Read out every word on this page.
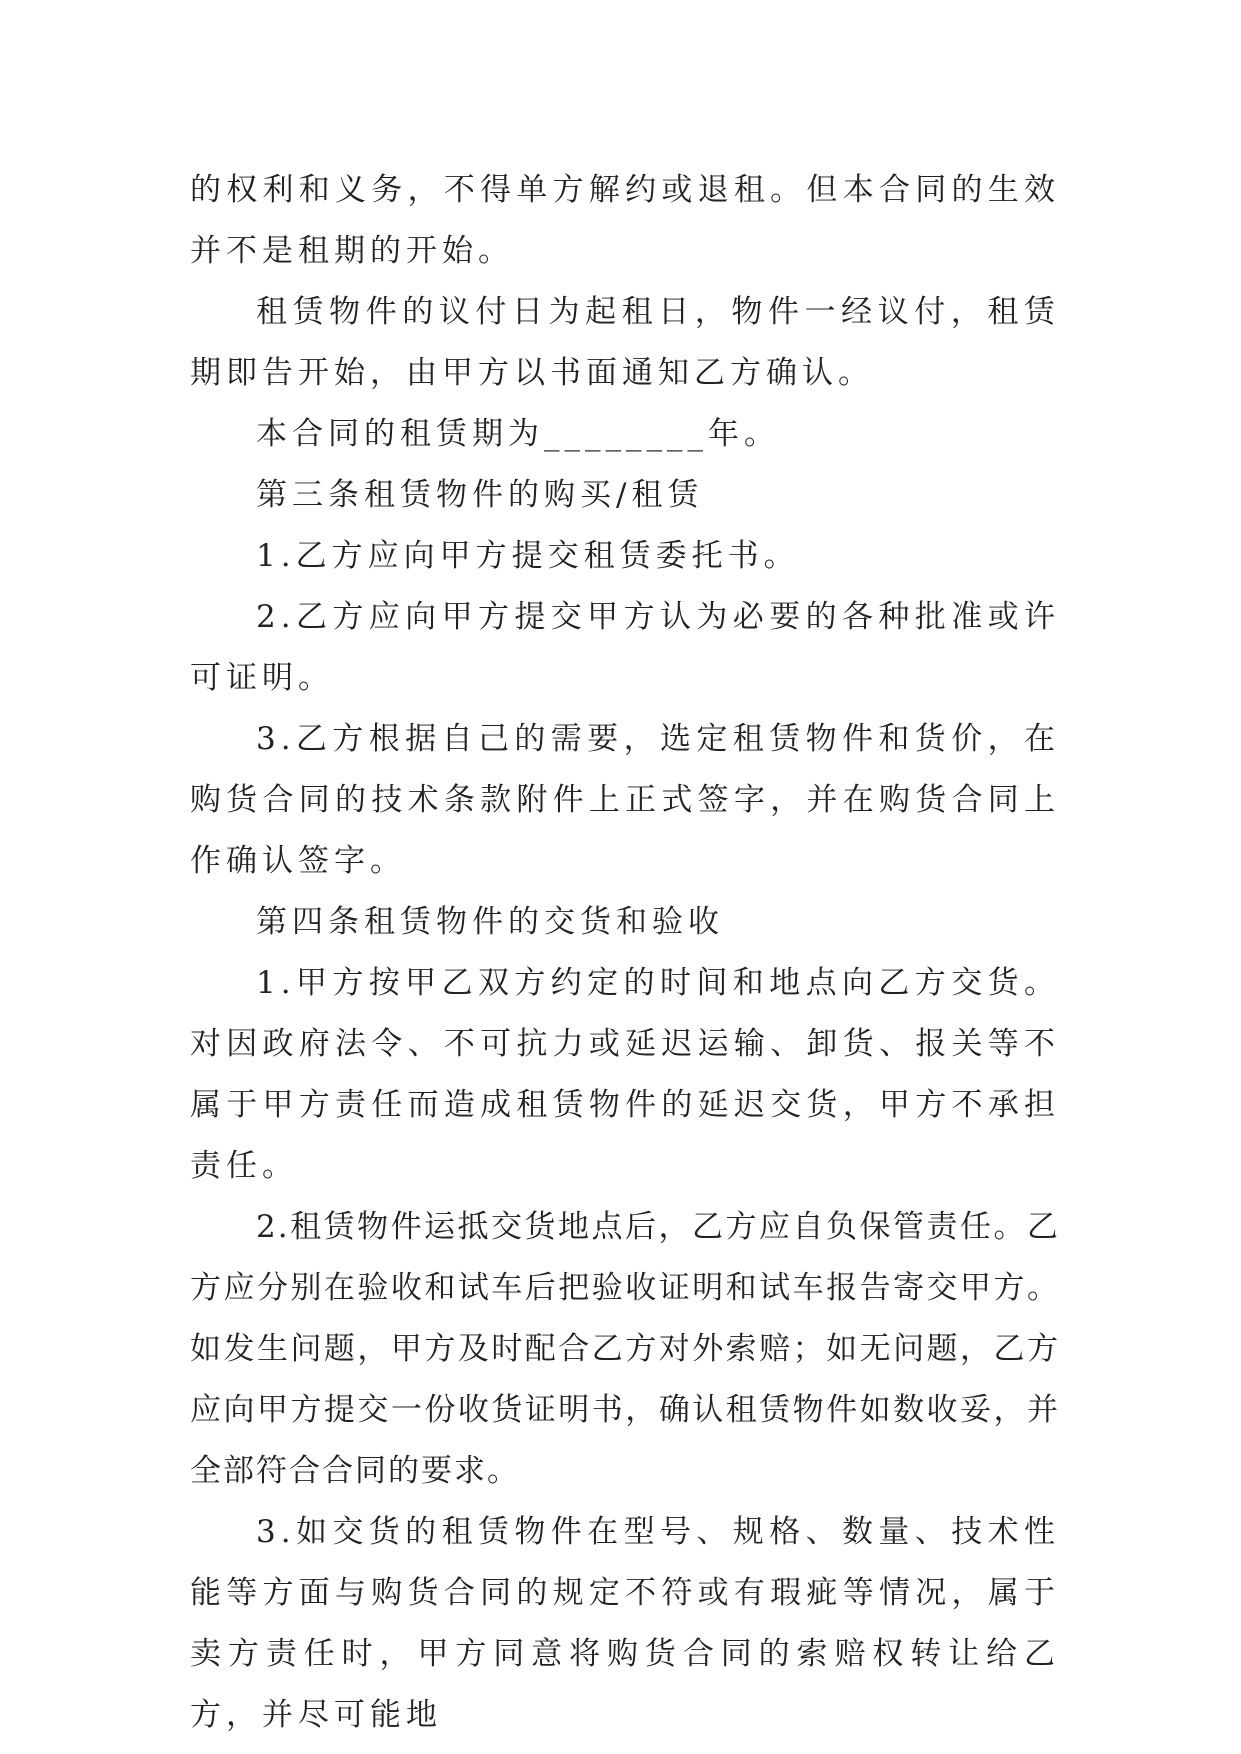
的权利和义务，不得单方解约或退租。但本合同的生效并不是租期的开始。

租赁物件的议付日为起租日，物件一经议付，租赁期即告开始，由甲方以书面通知乙方确认。

本合同的租赁期为________年。

第三条租赁物件的购买/租赁

1.乙方应向甲方提交租赁委托书。

2.乙方应向甲方提交甲方认为必要的各种批准或许可证明。

3.乙方根据自己的需要，选定租赁物件和货价，在购货合同的技术条款附件上正式签字，并在购货合同上作确认签字。

第四条租赁物件的交货和验收

1.甲方按甲乙双方约定的时间和地点向乙方交货。对因政府法令、不可抗力或延迟运输、卸货、报关等不属于甲方责任而造成租赁物件的延迟交货，甲方不承担责任。

2.租赁物件运抵交货地点后，乙方应自负保管责任。乙方应分别在验收和试车后把验收证明和试车报告寄交甲方。如发生问题，甲方及时配合乙方对外索赔；如无问题，乙方应向甲方提交一份收货证明书，确认租赁物件如数收妥，并全部符合合同的要求。

3.如交货的租赁物件在型号、规格、数量、技术性能等方面与购货合同的规定不符或有瑕疵等情况，属于卖方责任时，甲方同意将购货合同的索赔权转让给乙方，并尽可能地
